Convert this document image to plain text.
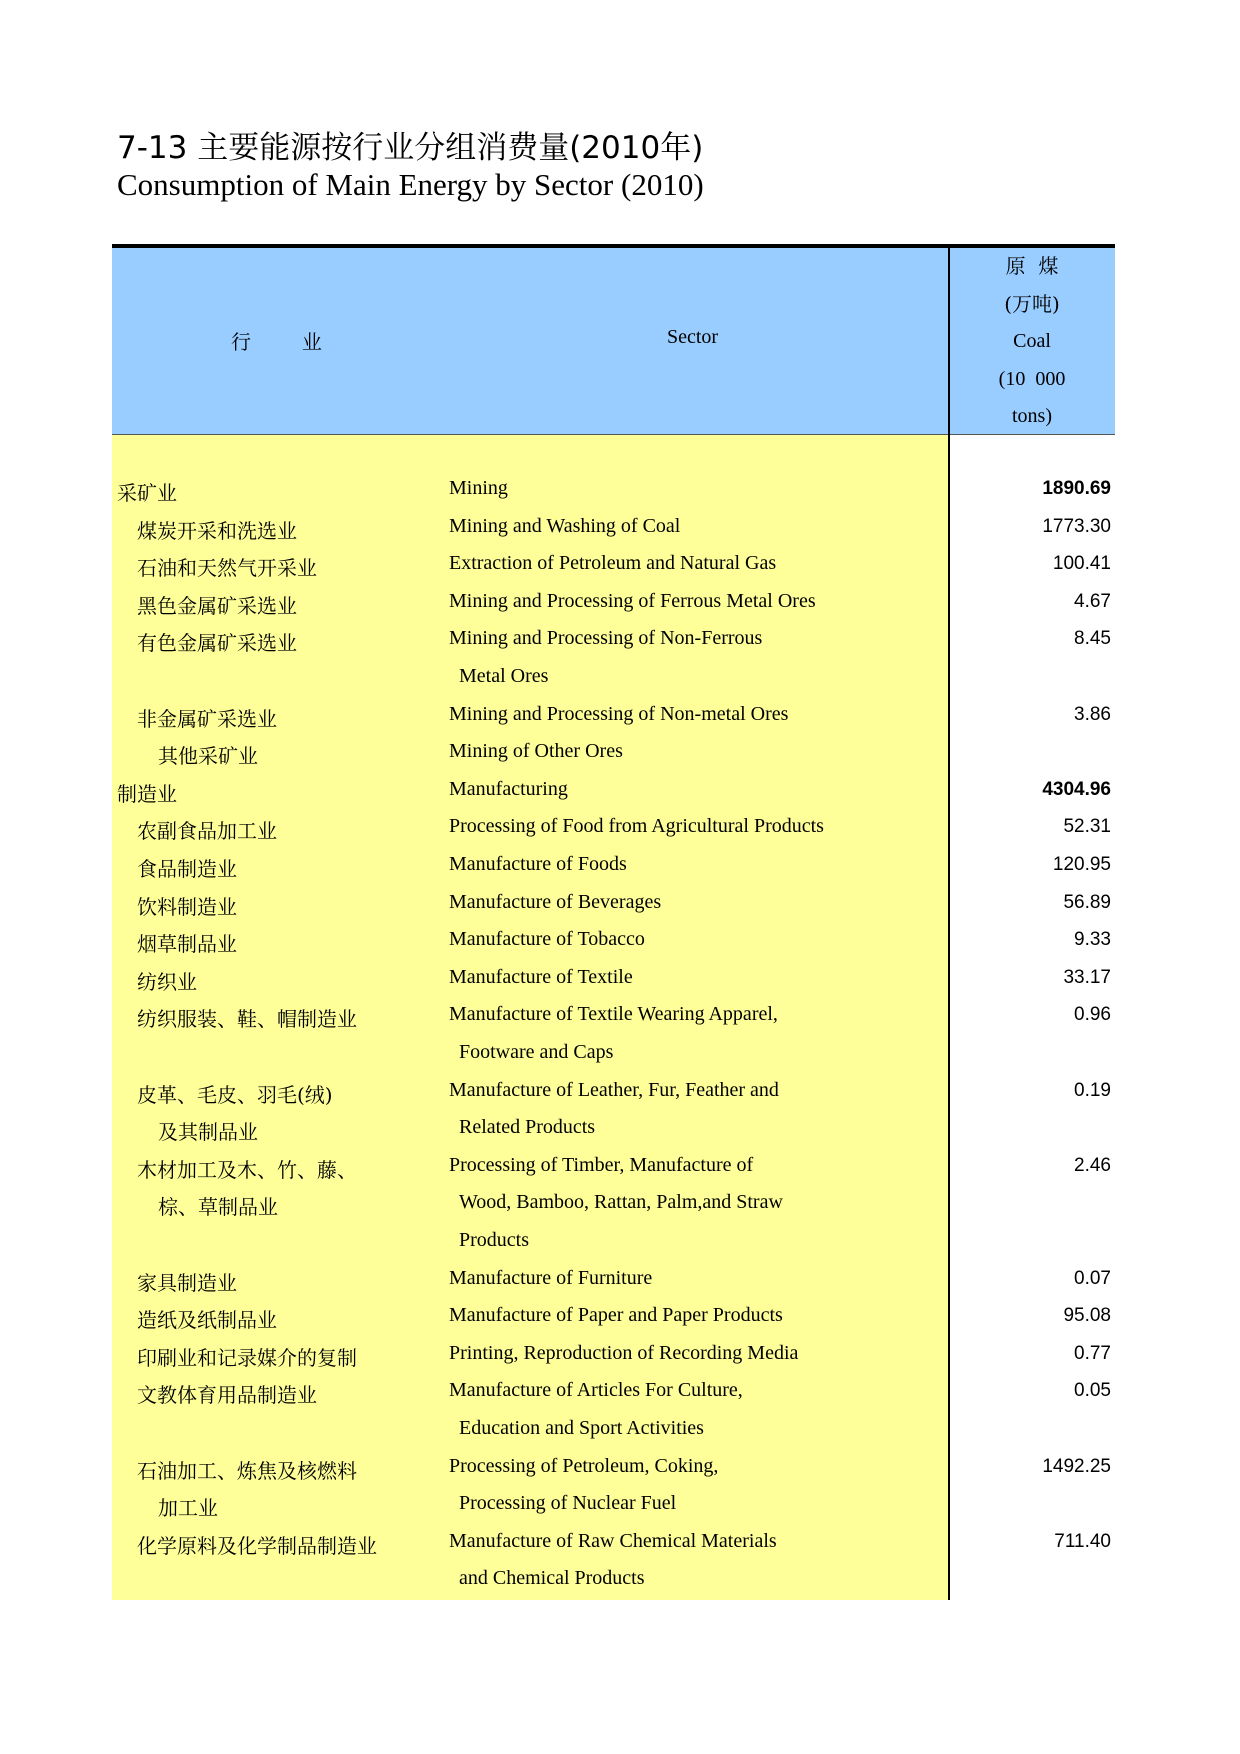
7-13 主要能源按行业分组消费量(2010年)
Consumption of Main Energy by Sector (2010)
行        业	Sector
原  煤
(万吨)
Coal
(10  000
tons)
采矿业	Mining	1890.69
煤炭开采和洗选业	Mining and Washing of Coal	1773.30
石油和天然气开采业	Extraction of Petroleum and Natural Gas	100.41
黑色金属矿采选业	Mining and Processing of Ferrous Metal Ores	4.67
有色金属矿采选业	Mining and Processing of Non-Ferrous	8.45
Metal Ores
非金属矿采选业	Mining and Processing of Non-metal Ores	3.86
其他采矿业	Mining of Other Ores
制造业	Manufacturing	4304.96
农副食品加工业	Processing of Food from Agricultural Products	52.31
食品制造业	Manufacture of Foods	120.95
饮料制造业	Manufacture of Beverages	56.89
烟草制品业	Manufacture of Tobacco	9.33
纺织业	Manufacture of Textile	33.17
纺织服装、鞋、帽制造业	Manufacture of Textile Wearing Apparel,	0.96
Footware and Caps
皮革、毛皮、羽毛(绒)	Manufacture of Leather, Fur, Feather and	0.19
及其制品业	Related Products
木材加工及木、竹、藤、	Processing of Timber, Manufacture of	2.46
棕、草制品业	Wood, Bamboo, Rattan, Palm,and Straw
Products
家具制造业	Manufacture of Furniture	0.07
造纸及纸制品业	Manufacture of Paper and Paper Products	95.08
印刷业和记录媒介的复制	Printing, Reproduction of Recording Media	0.77
文教体育用品制造业	Manufacture of Articles For Culture,	0.05
Education and Sport Activities
石油加工、炼焦及核燃料	Processing of Petroleum, Coking,	1492.25
加工业	Processing of Nuclear Fuel
化学原料及化学制品制造业	Manufacture of Raw Chemical Materials	711.40
and Chemical Products
